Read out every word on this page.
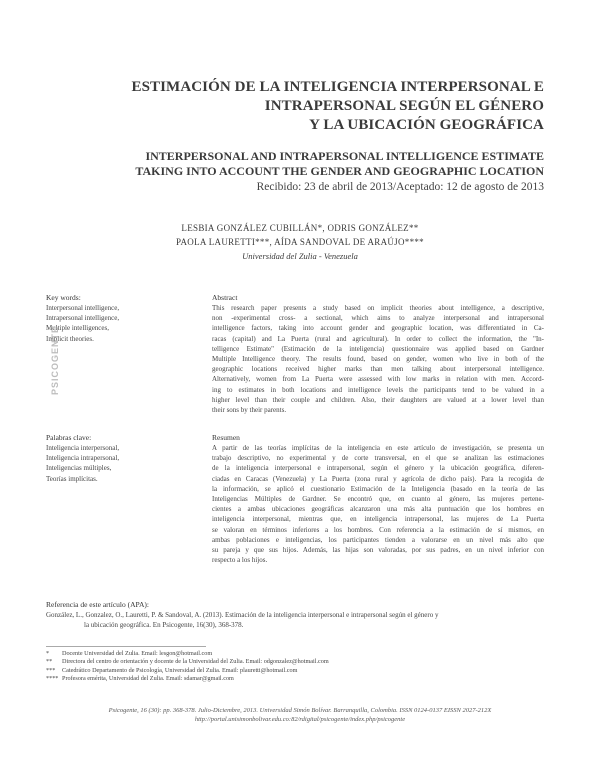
ESTIMACIÓN DE LA INTELIGENCIA INTERPERSONAL E
INTRAPERSONAL SEGÚN EL GÉNERO
Y LA UBICACIÓN GEOGRÁFICA
INTERPERSONAL AND INTRAPERSONAL INTELLIGENCE ESTIMATE
TAKING INTO ACCOUNT THE GENDER AND GEOGRAPHIC LOCATION
Recibido: 23 de abril de 2013/Aceptado: 12 de agosto de 2013
LESBIA GONZÁLEZ CUBILLÁN*, ODRIS GONZÁLEZ**
PAOLA LAURETTI***, AÍDA SANDOVAL DE ARAÚJO****
Universidad del Zulia - Venezuela
Key words:
Interpersonal intelligence,
Intrapersonal intelligence,
Multiple intelligences,
Implicit theories.
PSICOGENTE
Abstract
This research paper presents a study based on implicit theories about intelligence, a descriptive,
non -experimental cross- a sectional, which aims to analyze interpersonal and intrapersonal
intelligence factors, taking into account gender and geographic location, was differentiated in Ca-
racas (capital) and La Puerta (rural and agricultural). In order to collect the information, the "In-
telligence Estimate" (Estimación de la inteligencia) questionnaire was applied based on Gardner
Multiple Intelligence theory. The results found, based on gender, women who live in both of the
geographic locations received higher marks than men talking about interpersonal intelligence.
Alternatively, women from La Puerta were assessed with low marks in relation with men. Accord-
ing to estimates in both locations and intelligence levels the participants tend to be valued in a
higher level than their couple and children. Also, their daughters are valued at a lower level than
their sons by their parents.
Palabras clave:
Inteligencia interpersonal,
Inteligencia intrapersonal,
Inteligencias múltiples,
Teorías implícitas.
Resumen
A partir de las teorías implícitas de la inteligencia en este artículo de investigación, se presenta un
trabajo descriptivo, no experimental y de corte transversal, en el que se analizan las estimaciones
de la inteligencia interpersonal e intrapersonal, según el género y la ubicación geográfica, diferen-
ciadas en Caracas (Venezuela) y La Puerta (zona rural y agrícola de dicho país). Para la recogida de
la información, se aplicó el cuestionario Estimación de la Inteligencia (basado en la teoría de las
Inteligencias Múltiples de Gardner. Se encontró que, en cuanto al género, las mujeres pertene-
cientes a ambas ubicaciones geográficas alcanzaron una más alta puntuación que los hombres en
inteligencia interpersonal, mientras que, en inteligencia intrapersonal, las mujeres de La Puerta
se valoran en términos inferiores a los hombres. Con referencia a la estimación de sí mismos, en
ambas poblaciones e inteligencias, los participantes tienden a valorarse en un nivel más alto que
su pareja y que sus hijos. Además, las hijas son valoradas, por sus padres, en un nivel inferior con
respecto a los hijos.
Referencia de este artículo (APA):
González, L., Gonzalez, O., Lauretti, P. & Sandoval, A. (2013). Estimación de la inteligencia interpersonal e intrapersonal según el género y
la ubicación geográfica. En Psicogente, 16(30), 368-378.
*	Docente Universidad del Zulia. Email: lesgon@hotmail.com
**	Directora del centro de orientación y docente de la Universidad del Zulia. Email: odgonzalez@hotmail.com
***	Catedrático Departamento de Psicología, Universidad del Zulia. Email: plauretti@hotmail.com
**** Profesora emérita, Universidad del Zulia. Email: sdamar@gmail.com
Psicogente, 16 (30): pp. 368-378. Julio-Diciembre, 2013. Universidad Simón Bolívar. Barranquilla, Colombia. ISSN 0124-0137 EISSN 2027-212X
http://portal.unisimonbolivar.edu.co:82/rdigital/psicogente/index.php/psicogente
